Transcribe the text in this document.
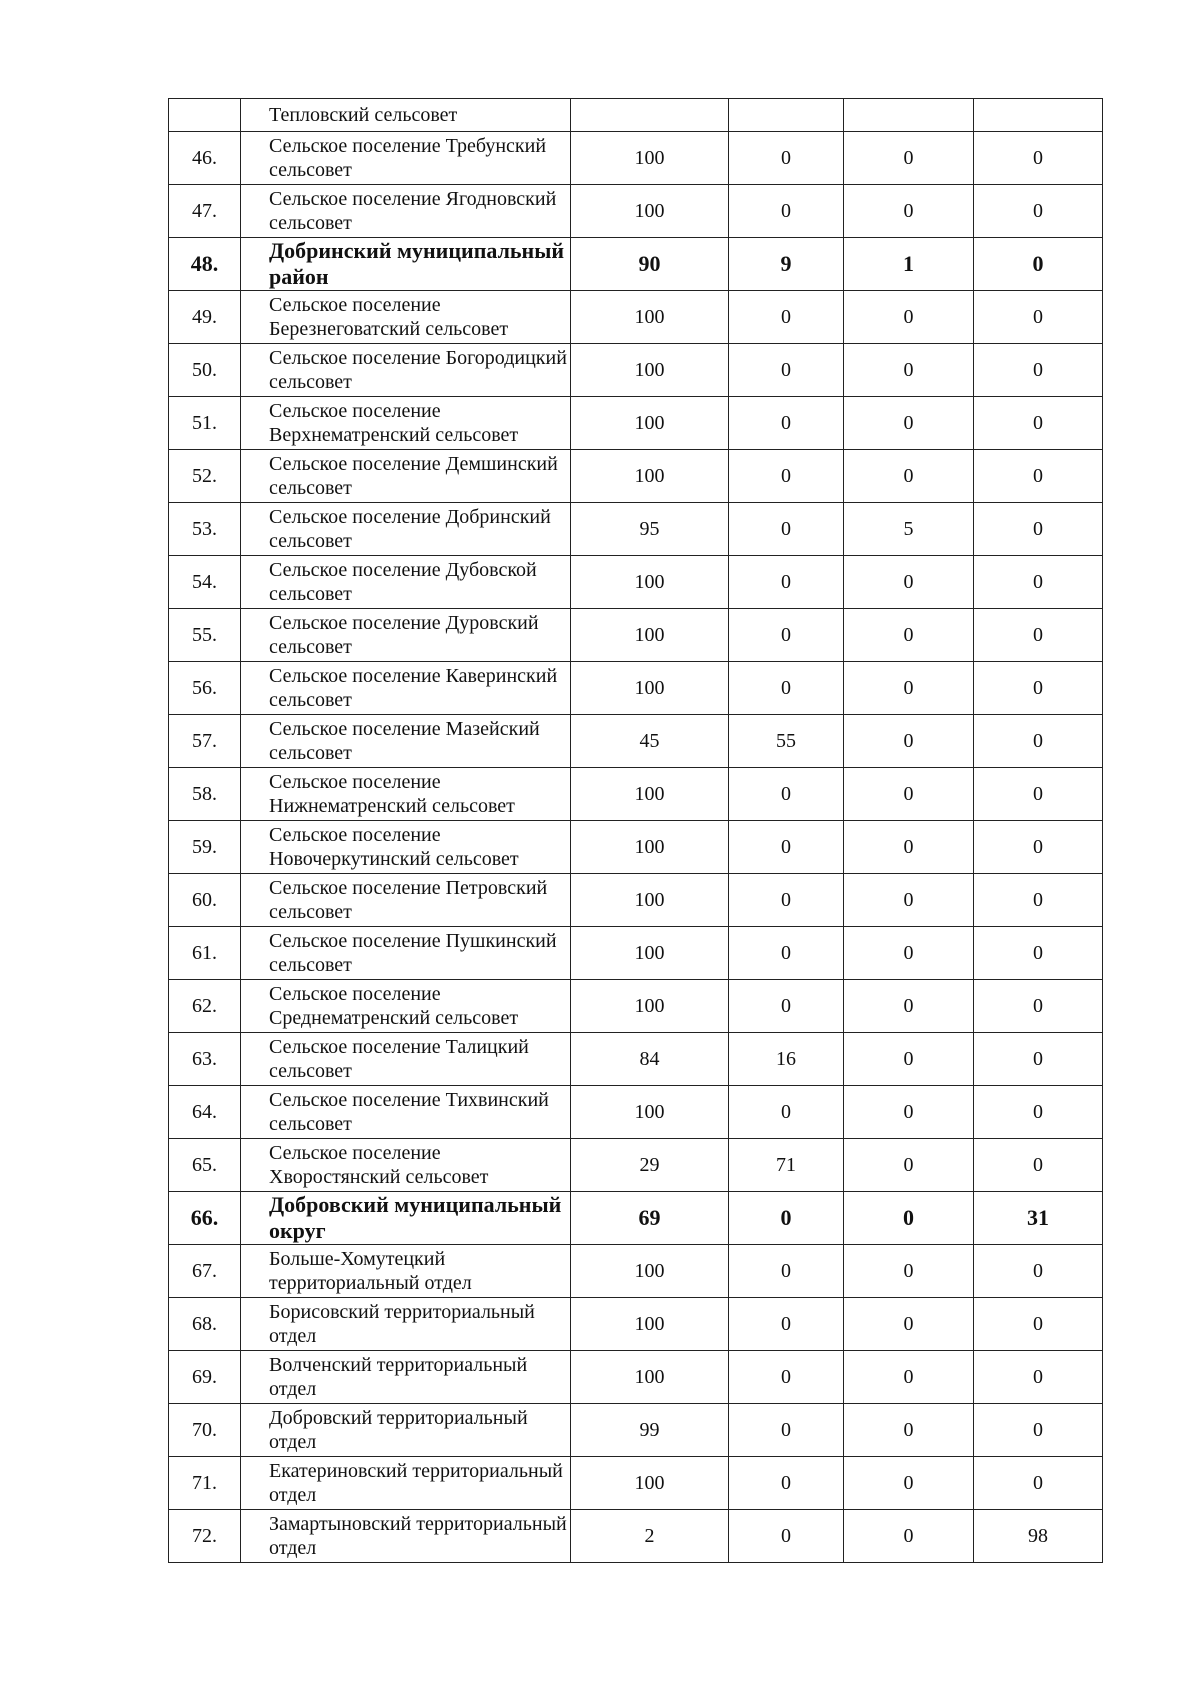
	Тепловский сельсовет				
46.	Сельское поселение Требунский сельсовет	100	0	0	0
47.	Сельское поселение Ягодновский сельсовет	100	0	0	0
48.	Добринский муниципальный район	90	9	1	0
49.	Сельское поселение Березнеговатский сельсовет	100	0	0	0
50.	Сельское поселение Богородицкий сельсовет	100	0	0	0
51.	Сельское поселение Верхнематренский сельсовет	100	0	0	0
52.	Сельское поселение Демшинский сельсовет	100	0	0	0
53.	Сельское поселение Добринский сельсовет	95	0	5	0
54.	Сельское поселение Дубовской сельсовет	100	0	0	0
55.	Сельское поселение Дуровский сельсовет	100	0	0	0
56.	Сельское поселение Каверинский сельсовет	100	0	0	0
57.	Сельское поселение Мазейский сельсовет	45	55	0	0
58.	Сельское поселение Нижнематренский сельсовет	100	0	0	0
59.	Сельское поселение Новочеркутинский сельсовет	100	0	0	0
60.	Сельское поселение Петровский сельсовет	100	0	0	0
61.	Сельское поселение Пушкинский сельсовет	100	0	0	0
62.	Сельское поселение Среднематренский сельсовет	100	0	0	0
63.	Сельское поселение Талицкий сельсовет	84	16	0	0
64.	Сельское поселение Тихвинский сельсовет	100	0	0	0
65.	Сельское поселение Хворостянский сельсовет	29	71	0	0
66.	Добровский муниципальный округ	69	0	0	31
67.	Больше-Хомутецкий территориальный отдел	100	0	0	0
68.	Борисовский территориальный отдел	100	0	0	0
69.	Волченский территориальный отдел	100	0	0	0
70.	Добровский территориальный отдел	99	0	0	0
71.	Екатериновский территориальный отдел	100	0	0	0
72.	Замартыновский территориальный отдел	2	0	0	98
